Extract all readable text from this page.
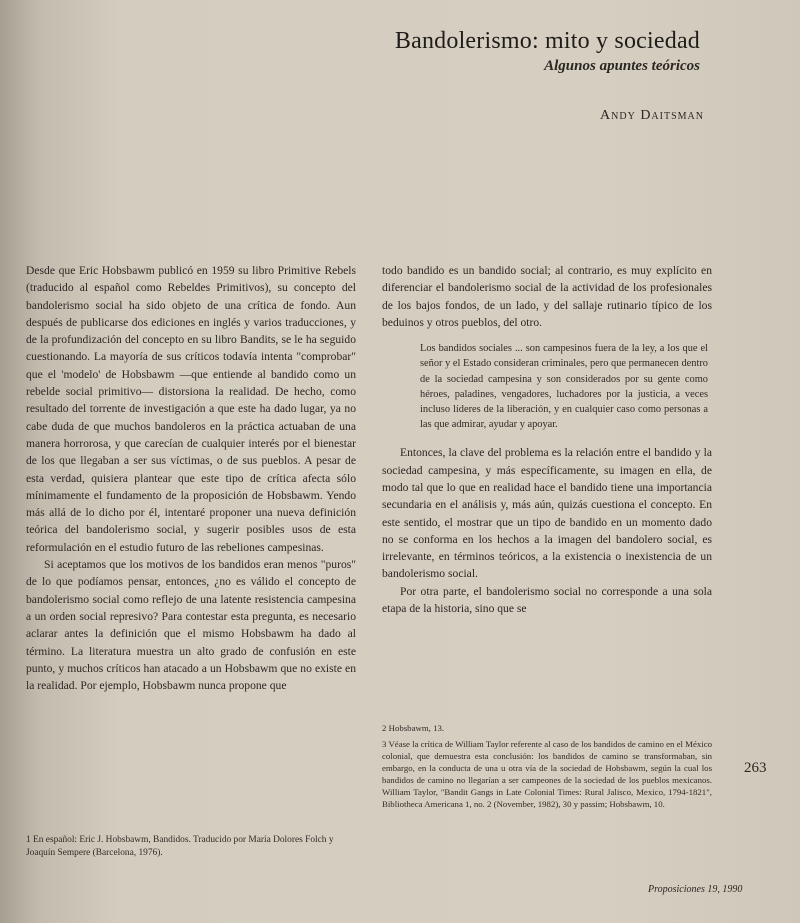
Bandolerismo: mito y sociedad
Algunos apuntes teóricos
Andy Daitsman

Desde que Eric Hobsbawm publicó en 1959 su libro Primitive Rebels (traducido al español como Rebeldes Primitivos), su concepto del bandolerismo social ha sido objeto de una crítica de fondo. Aun después de publicarse dos ediciones en inglés y varios traducciones, y de la profundización del concepto en su libro Bandits, se le ha seguido cuestionando. La mayoría de sus críticos todavía intenta "comprobar" que el 'modelo' de Hobsbawm —que entiende al bandido como un rebelde social primitivo— distorsiona la realidad. De hecho, como resultado del torrente de investigación a que este ha dado lugar, ya no cabe duda de que muchos bandoleros en la práctica actuaban de una manera horrorosa, y que carecían de cualquier interés por el bienestar de los que llegaban a ser sus víctimas, o de sus pueblos. A pesar de esta verdad, quisiera plantear que este tipo de crítica afecta sólo mínimamente el fundamento de la proposición de Hobsbawm. Yendo más allá de lo dicho por él, intentaré proponer una nueva definición teórica del bandolerismo social, y sugerir posibles usos de esta reformulación en el estudio futuro de las rebeliones campesinas.

Si aceptamos que los motivos de los bandidos eran menos "puros" de lo que podíamos pensar, entonces, ¿no es válido el concepto de bandolerismo social como reflejo de una latente resistencia campesina a un orden social represivo? Para contestar esta pregunta, es necesario aclarar antes la definición que el mismo Hobsbawm ha dado al término. La literatura muestra un alto grado de confusión en este punto, y muchos críticos han atacado a un Hobsbawm que no existe en la realidad. Por ejemplo, Hobsbawm nunca propone que

todo bandido es un bandido social; al contrario, es muy explícito en diferenciar el bandolerismo social de la actividad de los profesionales de los bajos fondos, de un lado, y del sallaje rutinario típico de los beduinos y otros pueblos, del otro.

Los bandidos sociales ... son campesinos fuera de la ley, a los que el señor y el Estado consideran criminales, pero que permanecen dentro de la sociedad campesina y son considerados por su gente como héroes, paladines, vengadores, luchadores por la justicia, a veces incluso líderes de la liberación, y en cualquier caso como personas a las que admirar, ayudar y apoyar.

Entonces, la clave del problema es la relación entre el bandido y la sociedad campesina, y más específicamente, su imagen en ella, de modo tal que lo que en realidad hace el bandido tiene una importancia secundaria en el análisis y, más aún, quizás cuestiona el concepto. En este sentido, el mostrar que un tipo de bandido en un momento dado no se conforma en los hechos a la imagen del bandolero social, es irrelevante, en términos teóricos, a la existencia o inexistencia de un bandolerismo social.

Por otra parte, el bandolerismo social no corresponde a una sola etapa de la historia, sino que se

2 Hobsbawm, 13.

3 Véase la crítica de William Taylor referente al caso de los bandidos de camino en el México colonial, que demuestra esta conclusión: los bandidos de camino se transformaban, sin embargo, en la conducta de una u otra vía de la sociedad de Hobsbawm, según la cual los bandidos de camino no llegarían a ser campeones de la sociedad de los pueblos mexicanos. William Taylor, "Bandit Gangs in Late Colonial Times: Rural Jalisco, Mexico, 1794-1821", Bibliotheca Americana 1, no. 2 (November, 1982), 30 y passim; Hobsbawm, 10.

1 En español: Eric J. Hobsbawm, Bandidos. Traducido por María Dolores Folch y Joaquín Sempere (Barcelona, 1976).

263
Proposiciones 19, 1990
